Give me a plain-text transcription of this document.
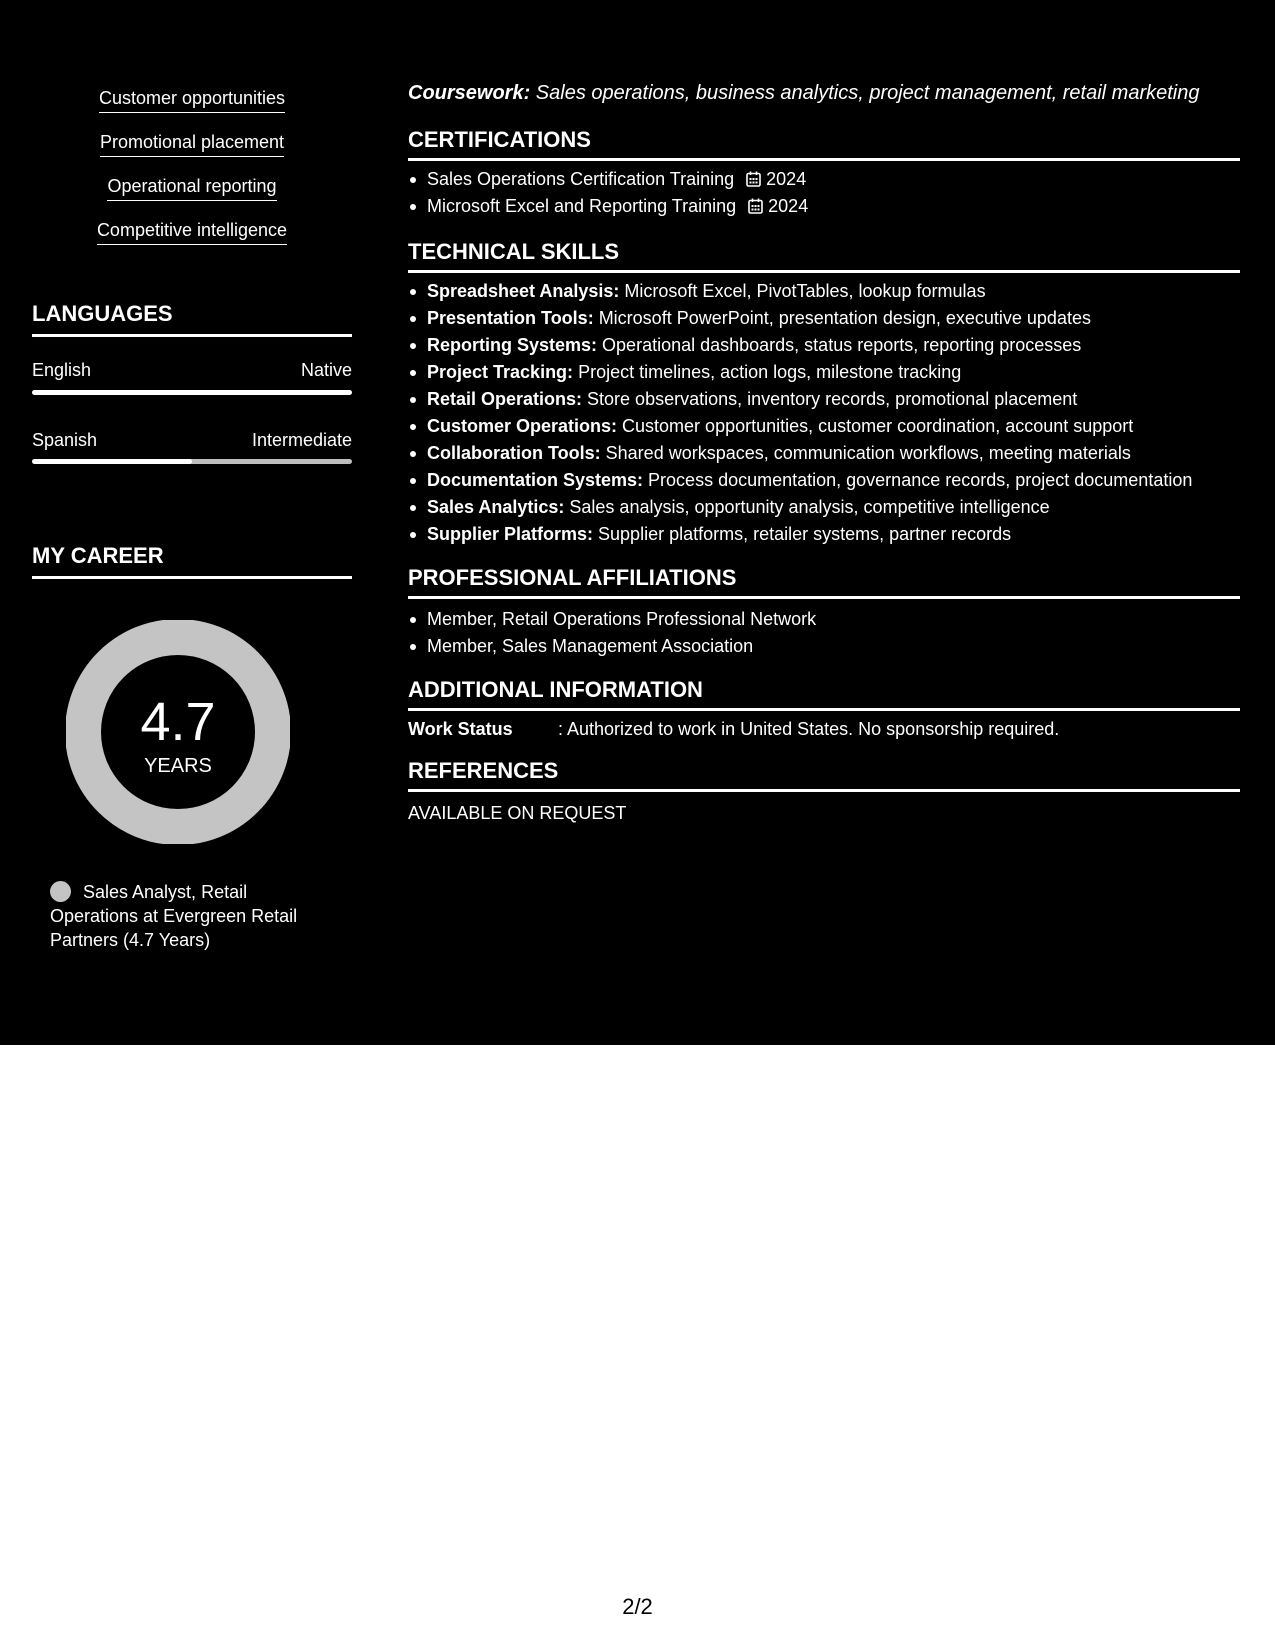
Customer opportunities
Promotional placement
Operational reporting
Competitive intelligence
LANGUAGES
English	Native
Spanish	Intermediate
MY CAREER
4.7
YEARS
Sales Analyst, Retail Operations at Evergreen Retail Partners (4.7 Years)
Coursework: Sales operations, business analytics, project management, retail marketing
CERTIFICATIONS
Sales Operations Certification Training 2024
Microsoft Excel and Reporting Training 2024
TECHNICAL SKILLS
Spreadsheet Analysis: Microsoft Excel, PivotTables, lookup formulas
Presentation Tools: Microsoft PowerPoint, presentation design, executive updates
Reporting Systems: Operational dashboards, status reports, reporting processes
Project Tracking: Project timelines, action logs, milestone tracking
Retail Operations: Store observations, inventory records, promotional placement
Customer Operations: Customer opportunities, customer coordination, account support
Collaboration Tools: Shared workspaces, communication workflows, meeting materials
Documentation Systems: Process documentation, governance records, project documentation
Sales Analytics: Sales analysis, opportunity analysis, competitive intelligence
Supplier Platforms: Supplier platforms, retailer systems, partner records
PROFESSIONAL AFFILIATIONS
Member, Retail Operations Professional Network
Member, Sales Management Association
ADDITIONAL INFORMATION
Work Status	: Authorized to work in United States. No sponsorship required.
REFERENCES
AVAILABLE ON REQUEST
2/2
